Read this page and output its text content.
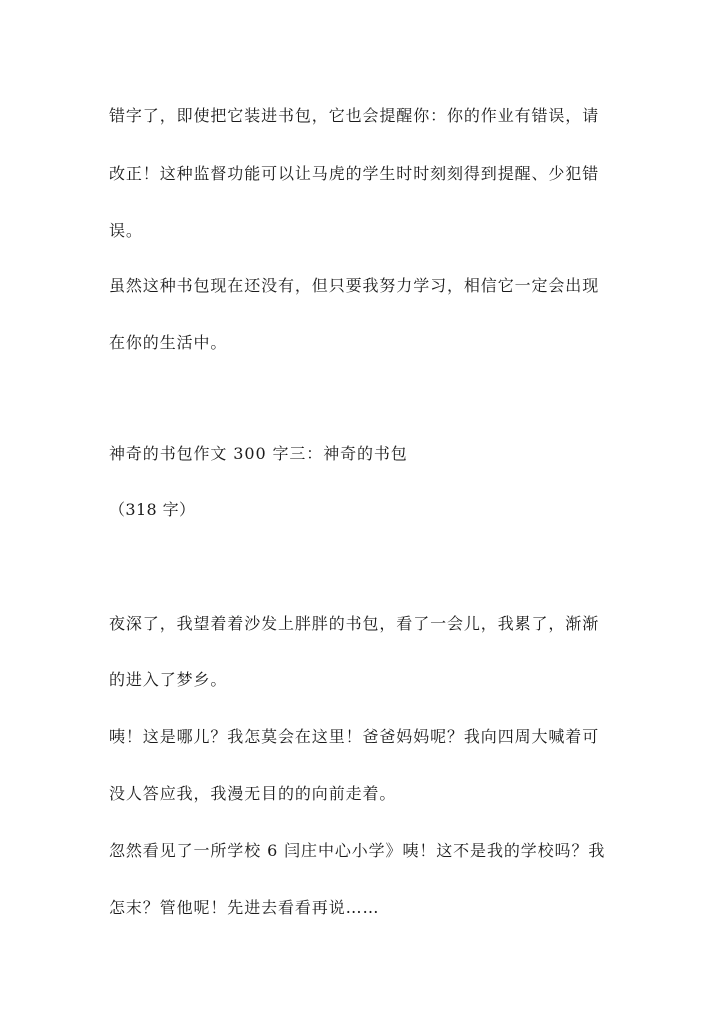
错字了，即使把它装进书包，它也会提醒你：你的作业有错误，请
改正！这种监督功能可以让马虎的学生时时刻刻得到提醒、少犯错
误。
虽然这种书包现在还没有，但只要我努力学习，相信它一定会出现
在你的生活中。
神奇的书包作文 300 字三：神奇的书包
（318 字）
夜深了，我望着着沙发上胖胖的书包，看了一会儿，我累了，渐渐
的进入了梦乡。
咦！这是哪儿？我怎莫会在这里！爸爸妈妈呢？我向四周大喊着可
没人答应我，我漫无目的的向前走着。
忽然看见了一所学校 6 闫庄中心小学》咦！这不是我的学校吗？我
怎末？管他呢！先进去看看再说……
